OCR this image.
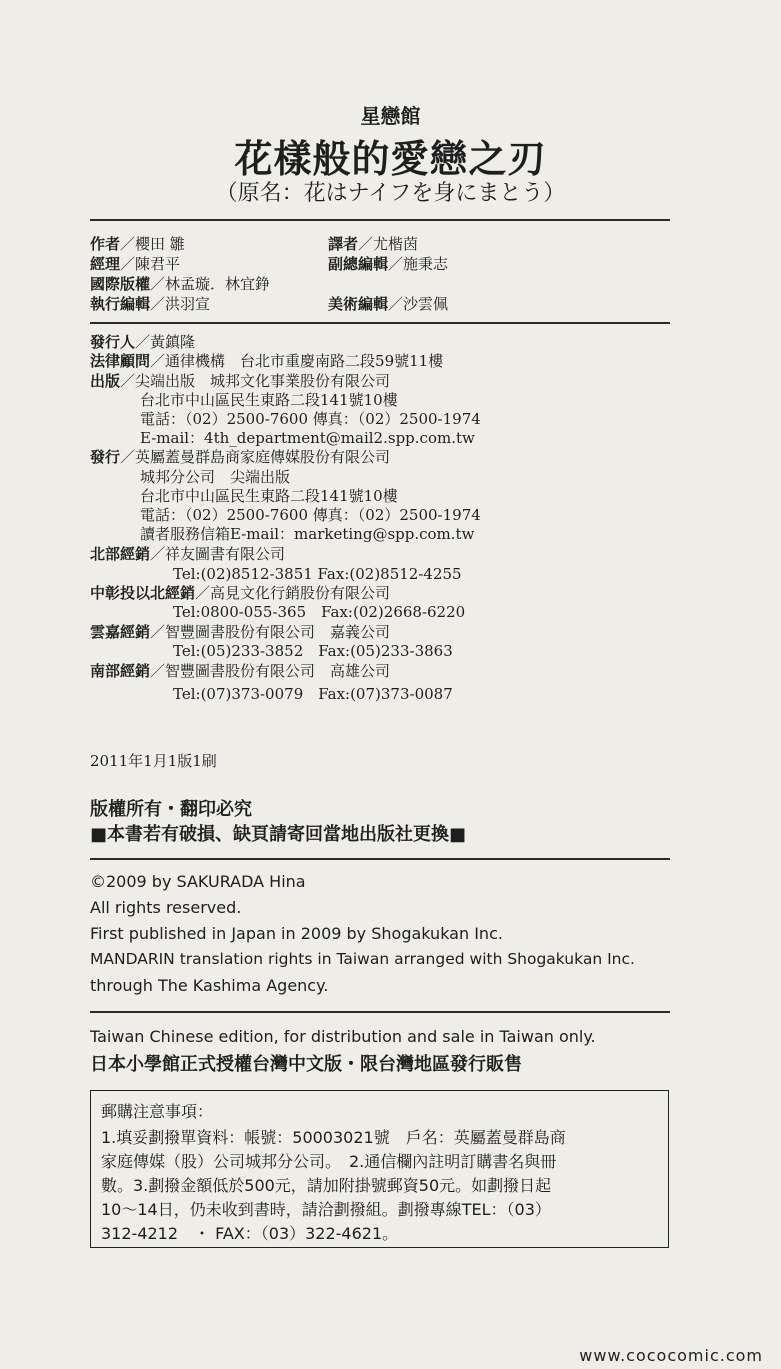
星戀館
花樣般的愛戀之刃
（原名：花はナイフを身にまとう）
作者／櫻田 雛	譯者／尤楷茵
經理／陳君平	副總編輯／施秉志
國際版權／林孟璇．林宜錚
執行編輯／洪羽宣	美術編輯／沙雲佩
發行人／黃鎮隆
法律顧問／通律機構　台北市重慶南路二段59號11樓
出版／尖端出版　城邦文化事業股份有限公司
台北市中山區民生東路二段141號10樓
電話：（02）2500-7600 傳真：（02）2500-1974
E-mail：4th_department@mail2.spp.com.tw
發行／英屬蓋曼群島商家庭傳媒股份有限公司
城邦分公司　尖端出版
台北市中山區民生東路二段141號10樓
電話：（02）2500-7600 傳真：（02）2500-1974
讀者服務信箱E-mail：marketing@spp.com.tw
北部經銷／祥友圖書有限公司
Tel:(02)8512-3851 Fax:(02)8512-4255
中彰投以北經銷／高見文化行銷股份有限公司
Tel:0800-055-365　Fax:(02)2668-6220
雲嘉經銷／智豐圖書股份有限公司　嘉義公司
Tel:(05)233-3852　Fax:(05)233-3863
南部經銷／智豐圖書股份有限公司　高雄公司
Tel:(07)373-0079　Fax:(07)373-0087
2011年1月1版1刷
版權所有・翻印必究
■本書若有破損、缺頁請寄回當地出版社更換■
©2009 by SAKURADA Hina
All rights reserved.
First published in Japan in 2009 by Shogakukan Inc.
MANDARIN translation rights in Taiwan arranged with Shogakukan Inc.
through The Kashima Agency.
Taiwan Chinese edition, for distribution and sale in Taiwan only.
日本小學館正式授權台灣中文版・限台灣地區發行販售
郵購注意事項：
1.填妥劃撥單資料：帳號：50003021號　戶名：英屬蓋曼群島商
家庭傳媒（股）公司城邦分公司。　2.通信欄內註明訂購書名與冊
數。3.劃撥金額低於500元，請加附掛號郵資50元。如劃撥日起
10～14日，仍未收到書時，請洽劃撥組。劃撥專線TEL：（03）
312-4212　・ FAX：（03）322-4621。
www.cococomic.com
